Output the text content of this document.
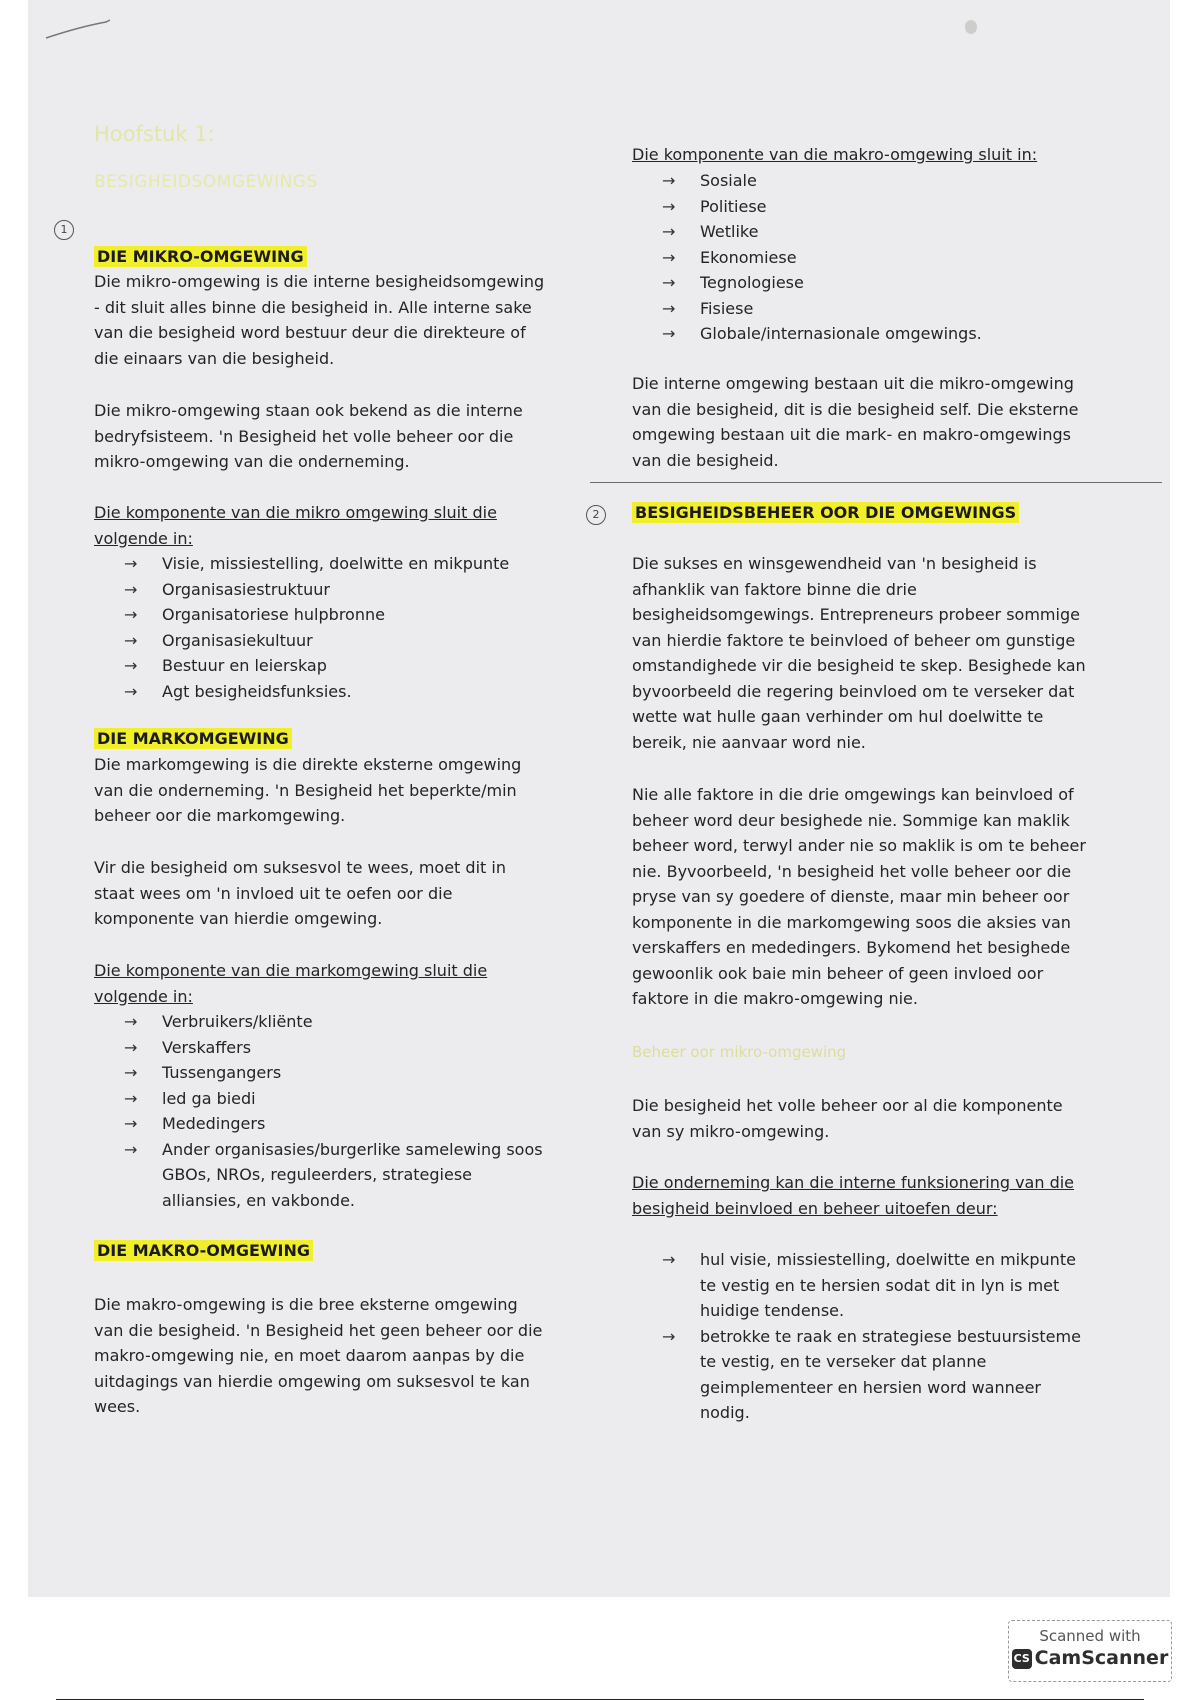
Hoofstuk 1:
BESIGHEIDSOMGEWINGS
1
2
DIE MIKRO-OMGEWING
Die mikro-omgewing is die interne besigheidsomgewing
- dit sluit alles binne die besigheid in. Alle interne sake
van die besigheid word bestuur deur die direkteure of
die einaars van die besigheid.
Die mikro-omgewing staan ook bekend as die interne
bedryfsisteem. 'n Besigheid het volle beheer oor die
mikro-omgewing van die onderneming.
Die komponente van die mikro omgewing sluit die
volgende in:
→ Visie, missiestelling, doelwitte en mikpunte
→ Organisasiestruktuur
→ Organisatoriese hulpbronne
→ Organisasiekultuur
→ Bestuur en leierskap
→ Agt besigheidsfunksies.
DIE MARKOMGEWING
Die markomgewing is die direkte eksterne omgewing
van die onderneming. 'n Besigheid het beperkte/min
beheer oor die markomgewing.
Vir die besigheid om suksesvol te wees, moet dit in
staat wees om 'n invloed uit te oefen oor die
komponente van hierdie omgewing.
Die komponente van die markomgewing sluit die
volgende in:
→ Verbruikers/kliënte
→ Verskaffers
→ Tussengangers
→ led ga biedi
→ Mededingers
→ Ander organisasies/burgerlike samelewing soos
GBOs, NROs, reguleerders, strategiese
alliansies, en vakbonde.
DIE MAKRO-OMGEWING
Die makro-omgewing is die bree eksterne omgewing
van die besigheid. 'n Besigheid het geen beheer oor die
makro-omgewing nie, en moet daarom aanpas by die
uitdagings van hierdie omgewing om suksesvol te kan
wees.
Die komponente van die makro-omgewing sluit in:
→ Sosiale
→ Politiese
→ Wetlike
→ Ekonomiese
→ Tegnologiese
→ Fisiese
→ Globale/internasionale omgewings.
Die interne omgewing bestaan uit die mikro-omgewing
van die besigheid, dit is die besigheid self. Die eksterne
omgewing bestaan uit die mark- en makro-omgewings
van die besigheid.
BESIGHEIDSBEHEER OOR DIE OMGEWINGS
Die sukses en winsgewendheid van 'n besigheid is
afhanklik van faktore binne die drie
besigheidsomgewings. Entrepreneurs probeer sommige
van hierdie faktore te beinvloed of beheer om gunstige
omstandighede vir die besigheid te skep. Besighede kan
byvoorbeeld die regering beinvloed om te verseker dat
wette wat hulle gaan verhinder om hul doelwitte te
bereik, nie aanvaar word nie.
Nie alle faktore in die drie omgewings kan beinvloed of
beheer word deur besighede nie. Sommige kan maklik
beheer word, terwyl ander nie so maklik is om te beheer
nie. Byvoorbeeld, 'n besigheid het volle beheer oor die
pryse van sy goedere of dienste, maar min beheer oor
komponente in die markomgewing soos die aksies van
verskaffers en mededingers. Bykomend het besighede
gewoonlik ook baie min beheer of geen invloed oor
faktore in die makro-omgewing nie.
Beheer oor mikro-omgewing
Die besigheid het volle beheer oor al die komponente
van sy mikro-omgewing.
Die onderneming kan die interne funksionering van die
besigheid beinvloed en beheer uitoefen deur:
→ hul visie, missiestelling, doelwitte en mikpunte
te vestig en te hersien sodat dit in lyn is met
huidige tendense.
→ betrokke te raak en strategiese bestuursisteme
te vestig, en te verseker dat planne
geimplementeer en hersien word wanneer
nodig.
Scanned with
CS CamScanner
